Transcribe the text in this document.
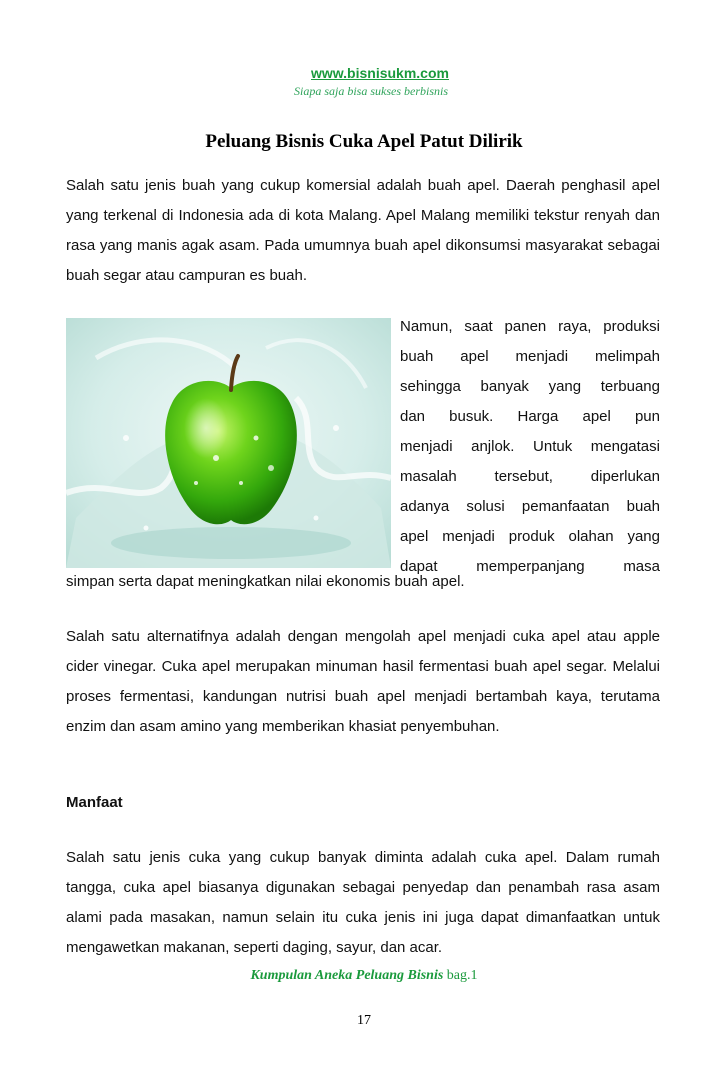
www.bisnisukm.com
Siapa saja bisa sukses berbisnis
Peluang Bisnis Cuka Apel Patut Dilirik

Salah satu jenis buah yang cukup komersial adalah buah apel. Daerah penghasil apel yang terkenal di Indonesia ada di kota Malang. Apel Malang memiliki tekstur renyah dan rasa yang manis agak asam. Pada umumnya buah apel dikonsumsi masyarakat sebagai buah segar atau campuran es buah.

Namun, saat panen raya, produksi
buah apel menjadi melimpah
sehingga banyak yang terbuang
dan busuk. Harga apel pun
menjadi anjlok. Untuk mengatasi
masalah tersebut, diperlukan
adanya solusi pemanfaatan buah
apel menjadi produk olahan yang
dapat memperpanjang masa

simpan serta dapat meningkatkan nilai ekonomis buah apel.

Salah satu alternatifnya adalah dengan mengolah apel menjadi cuka apel atau apple cider vinegar. Cuka apel merupakan minuman hasil fermentasi buah apel segar. Melalui proses fermentasi, kandungan nutrisi buah apel menjadi bertambah kaya, terutama enzim dan asam amino yang memberikan khasiat penyembuhan.

Manfaat

Salah satu jenis cuka yang cukup banyak diminta adalah cuka apel. Dalam rumah tangga, cuka apel biasanya digunakan sebagai penyedap dan penambah rasa asam alami pada masakan, namun selain itu cuka jenis ini juga dapat dimanfaatkan untuk mengawetkan makanan, seperti daging, sayur, dan acar.

Kumpulan Aneka Peluang Bisnis bag.1
17
